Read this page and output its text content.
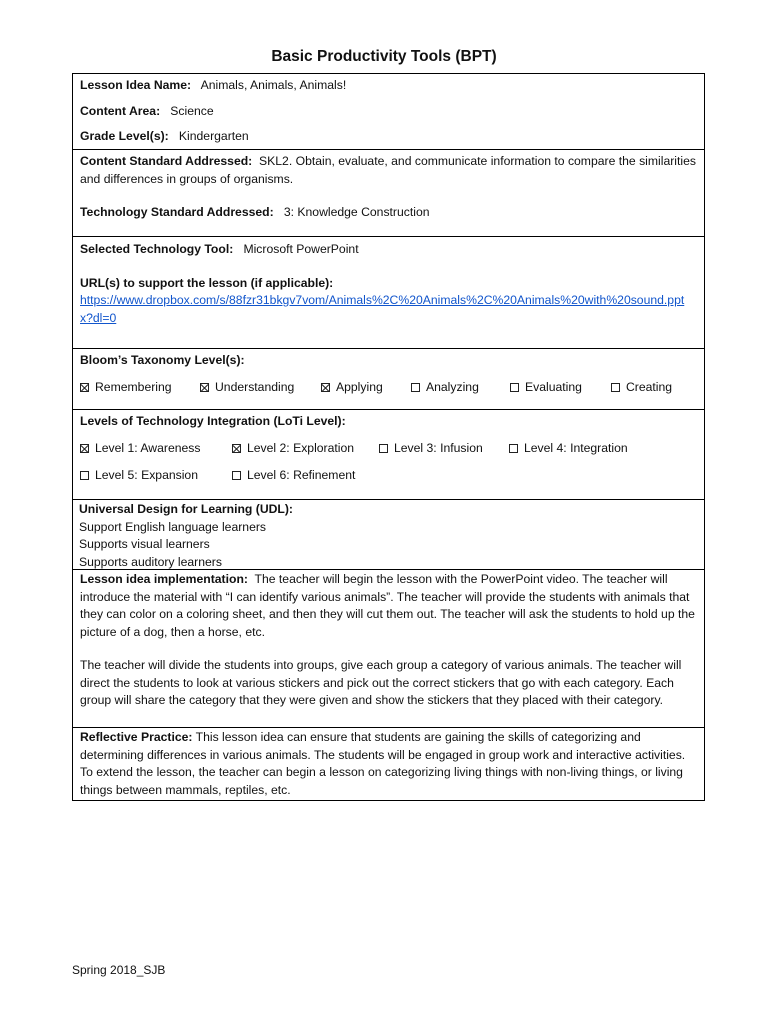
Basic Productivity Tools (BPT)
Lesson Idea Name: Animals, Animals, Animals!
Content Area: Science
Grade Level(s): Kindergarten

Content Standard Addressed: SKL2. Obtain, evaluate, and communicate information to compare the similarities and differences in groups of organisms.

Technology Standard Addressed: 3: Knowledge Construction

Selected Technology Tool: Microsoft PowerPoint

URL(s) to support the lesson (if applicable):

https://www.dropbox.com/s/88fzr31bkgv7vom/Animals%2C%20Animals%2C%20Animals%20with%20sound.pptx?dl=0

Bloom’s Taxonomy Level(s):

Remembering	Understanding	Applying	Analyzing	Evaluating	Creating

Levels of Technology Integration (LoTi Level):

Level 1: Awareness	Level 2: Exploration	Level 3: Infusion	Level 4: Integration
Level 5: Expansion	Level 6: Refinement

Universal Design for Learning (UDL):

Support English language learners

Supports visual learners

Supports auditory learners

Lesson idea implementation: The teacher will begin the lesson with the PowerPoint video. The teacher will introduce the material with “I can identify various animals”. The teacher will provide the students with animals that they can color on a coloring sheet, and then they will cut them out. The teacher will ask the students to hold up the picture of a dog, then a horse, etc.

The teacher will divide the students into groups, give each group a category of various animals. The teacher will direct the students to look at various stickers and pick out the correct stickers that go with each category. Each group will share the category that they were given and show the stickers that they placed with their category.

Reflective Practice: This lesson idea can ensure that students are gaining the skills of categorizing and determining differences in various animals. The students will be engaged in group work and interactive activities. To extend the lesson, the teacher can begin a lesson on categorizing living things with non-living things, or living things between mammals, reptiles, etc.

Spring 2018_SJB
